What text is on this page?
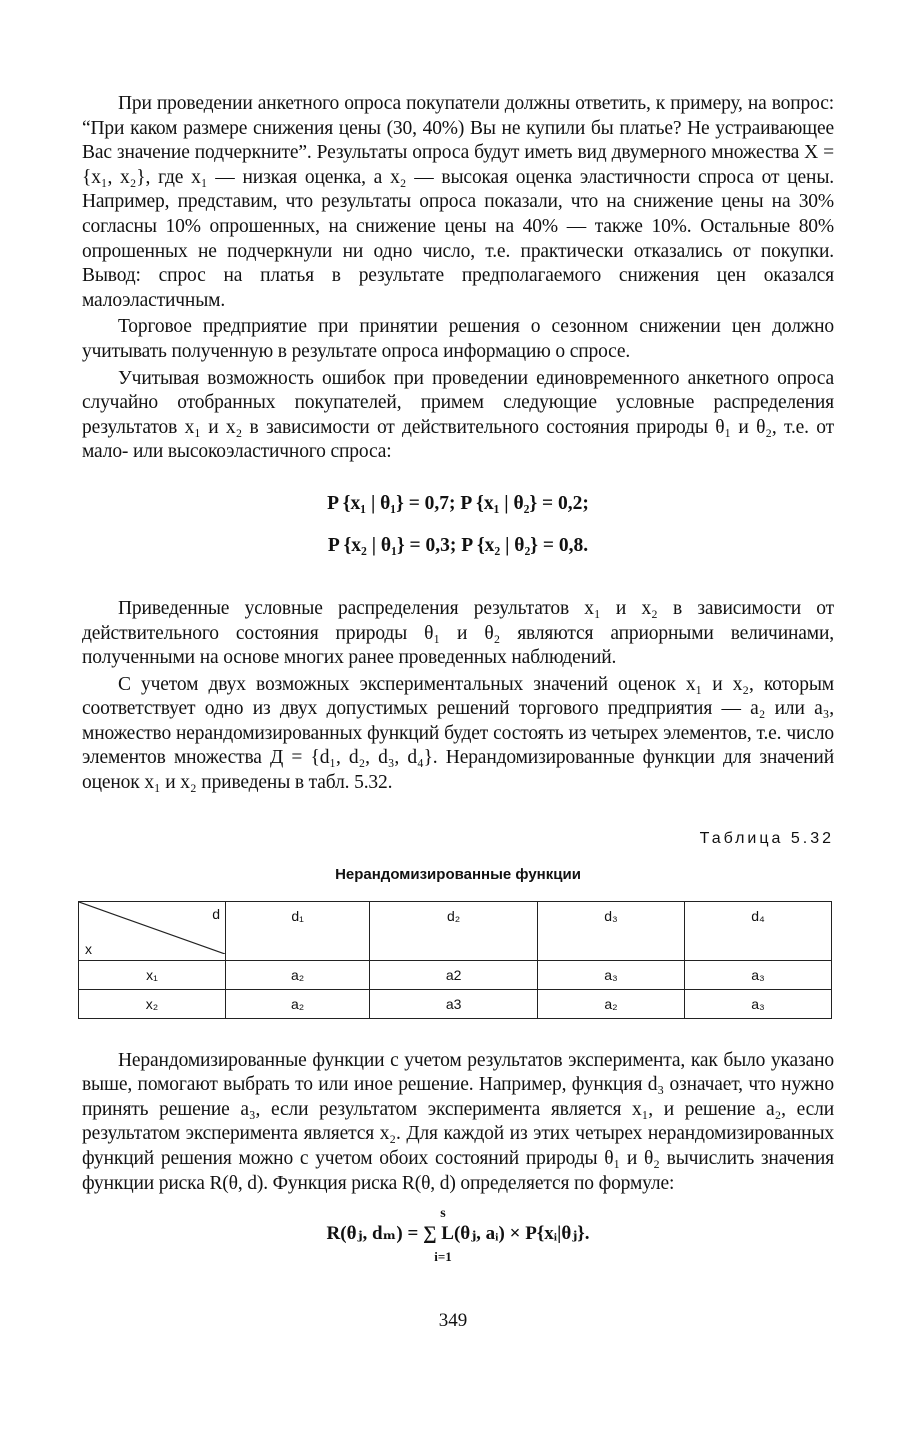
При проведении анкетного опроса покупатели должны ответить, к примеру, на вопрос: “При каком размере снижения цены (30, 40%) Вы не купили бы платье? Не устраивающее Вас значение подчеркните”. Результаты опроса будут иметь вид двумерного множества X = {x₁, x₂}, где x₁ — низкая оценка, а x₂ — высокая оценка эластичности спроса от цены. Например, представим, что результаты опроса показали, что на снижение цены на 30% согласны 10% опрошенных, на снижение цены на 40% — также 10%. Остальные 80% опрошенных не подчеркнули ни одно число, т.е. практически отказались от покупки. Вывод: спрос на платья в результате предполагаемого снижения цен оказался малоэластичным.

Торговое предприятие при принятии решения о сезонном снижении цен должно учитывать полученную в результате опроса информацию о спросе.

Учитывая возможность ошибок при проведении единовременного анкетного опроса случайно отобранных покупателей, примем следующие условные распределения результатов x₁ и x₂ в зависимости от действительного состояния природы θ₁ и θ₂, т.е. от мало- или высокоэластичного спроса:

P {x₁ | θ₁} = 0,7; P {x₁ | θ₂} = 0,2;
P {x₂ | θ₁} = 0,3; P {x₂ | θ₂} = 0,8.

Приведенные условные распределения результатов x₁ и x₂ в зависимости от действительного состояния природы θ₁ и θ₂ являются априорными величинами, полученными на основе многих ранее проведенных наблюдений.

С учетом двух возможных экспериментальных значений оценок x₁ и x₂, которым соответствует одно из двух допустимых решений торгового предприятия — a₂ или a₃, множество нерандомизированных функций будет состоять из четырех элементов, т.е. число элементов множества Д = {d₁, d₂, d₃, d₄}. Нерандомизированные функции для значений оценок x₁ и x₂ приведены в табл. 5.32.

Таблица 5.32
Нерандомизированные функции
d
x	d₁	d₂	d₃	d₄
x₁	a₂	a2	a₃	a₃
x₂	a₂	a3	a₂	a₃

Нерандомизированные функции с учетом результатов эксперимента, как было указано выше, помогают выбрать то или иное решение. Например, функция d₃ означает, что нужно принять решение a₃, если результатом эксперимента является x₁, и решение a₂, если результатом эксперимента является x₂. Для каждой из этих четырех нерандомизированных функций решения можно с учетом обоих состояний природы θ₁ и θ₂ вычислить значения функции риска R(θ, d). Функция риска R(θ, d) определяется по формуле:

s
R(θⱼ, dₘ) = ∑ L(θⱼ, aᵢ) × P{xᵢ|θⱼ}.
i=1
349
